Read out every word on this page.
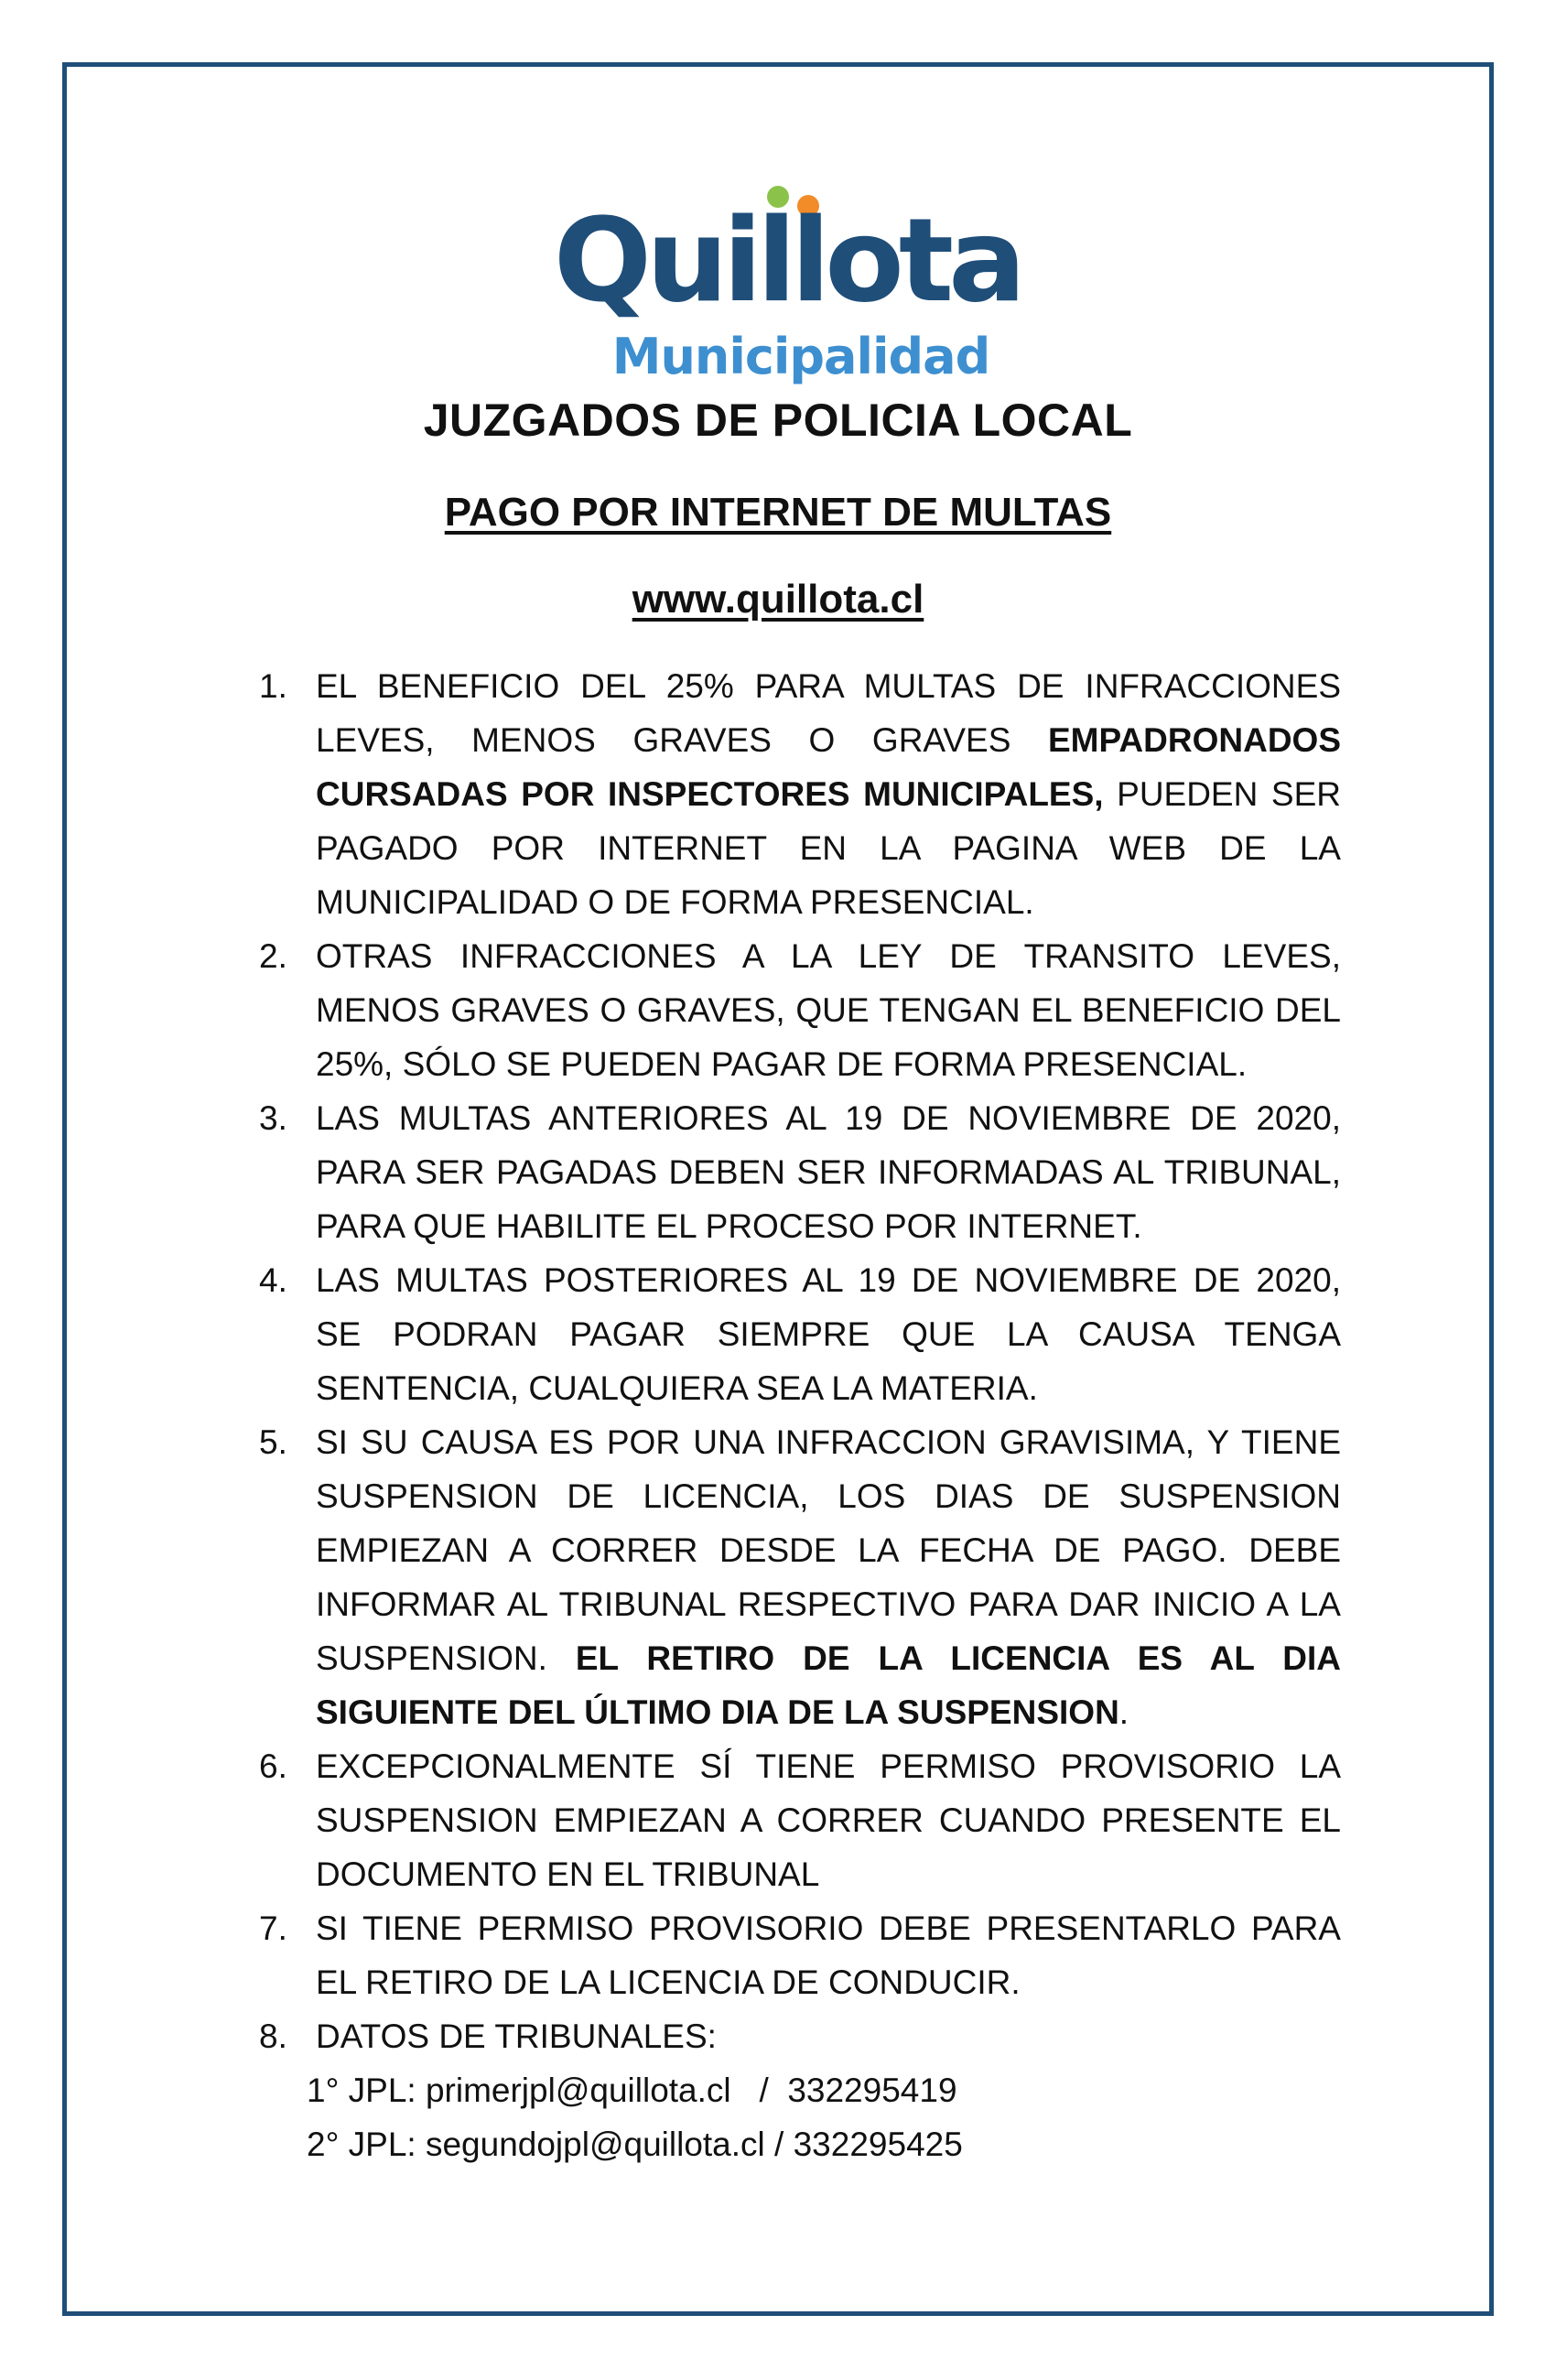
Quillota
Municipalidad
JUZGADOS DE POLICIA LOCAL
PAGO POR INTERNET DE MULTAS
www.quillota.cl
1. EL BENEFICIO DEL 25% PARA MULTAS DE INFRACCIONES LEVES, MENOS GRAVES O GRAVES EMPADRONADOS CURSADAS POR INSPECTORES MUNICIPALES, PUEDEN SER PAGADO POR INTERNET EN LA PAGINA WEB DE LA MUNICIPALIDAD O DE FORMA PRESENCIAL.
2. OTRAS INFRACCIONES A LA LEY DE TRANSITO LEVES, MENOS GRAVES O GRAVES, QUE TENGAN EL BENEFICIO DEL 25%, SÓLO SE PUEDEN PAGAR DE FORMA PRESENCIAL.
3. LAS MULTAS ANTERIORES AL 19 DE NOVIEMBRE DE 2020, PARA SER PAGADAS DEBEN SER INFORMADAS AL TRIBUNAL, PARA QUE HABILITE EL PROCESO POR INTERNET.
4. LAS MULTAS POSTERIORES AL 19 DE NOVIEMBRE DE 2020, SE PODRAN PAGAR SIEMPRE QUE LA CAUSA TENGA SENTENCIA, CUALQUIERA SEA LA MATERIA.
5. SI SU CAUSA ES POR UNA INFRACCION GRAVISIMA, Y TIENE SUSPENSION DE LICENCIA, LOS DIAS DE SUSPENSION EMPIEZAN A CORRER DESDE LA FECHA DE PAGO. DEBE INFORMAR AL TRIBUNAL RESPECTIVO PARA DAR INICIO A LA SUSPENSION. EL RETIRO DE LA LICENCIA ES AL DIA SIGUIENTE DEL ÚLTIMO DIA DE LA SUSPENSION.
6. EXCEPCIONALMENTE SÍ TIENE PERMISO PROVISORIO LA SUSPENSION EMPIEZAN A CORRER CUANDO PRESENTE EL DOCUMENTO EN EL TRIBUNAL
7. SI TIENE PERMISO PROVISORIO DEBE PRESENTARLO PARA EL RETIRO DE LA LICENCIA DE CONDUCIR.
8. DATOS DE TRIBUNALES:
1° JPL: primerjpl@quillota.cl   /  332295419
2° JPL: segundojpl@quillota.cl / 332295425
